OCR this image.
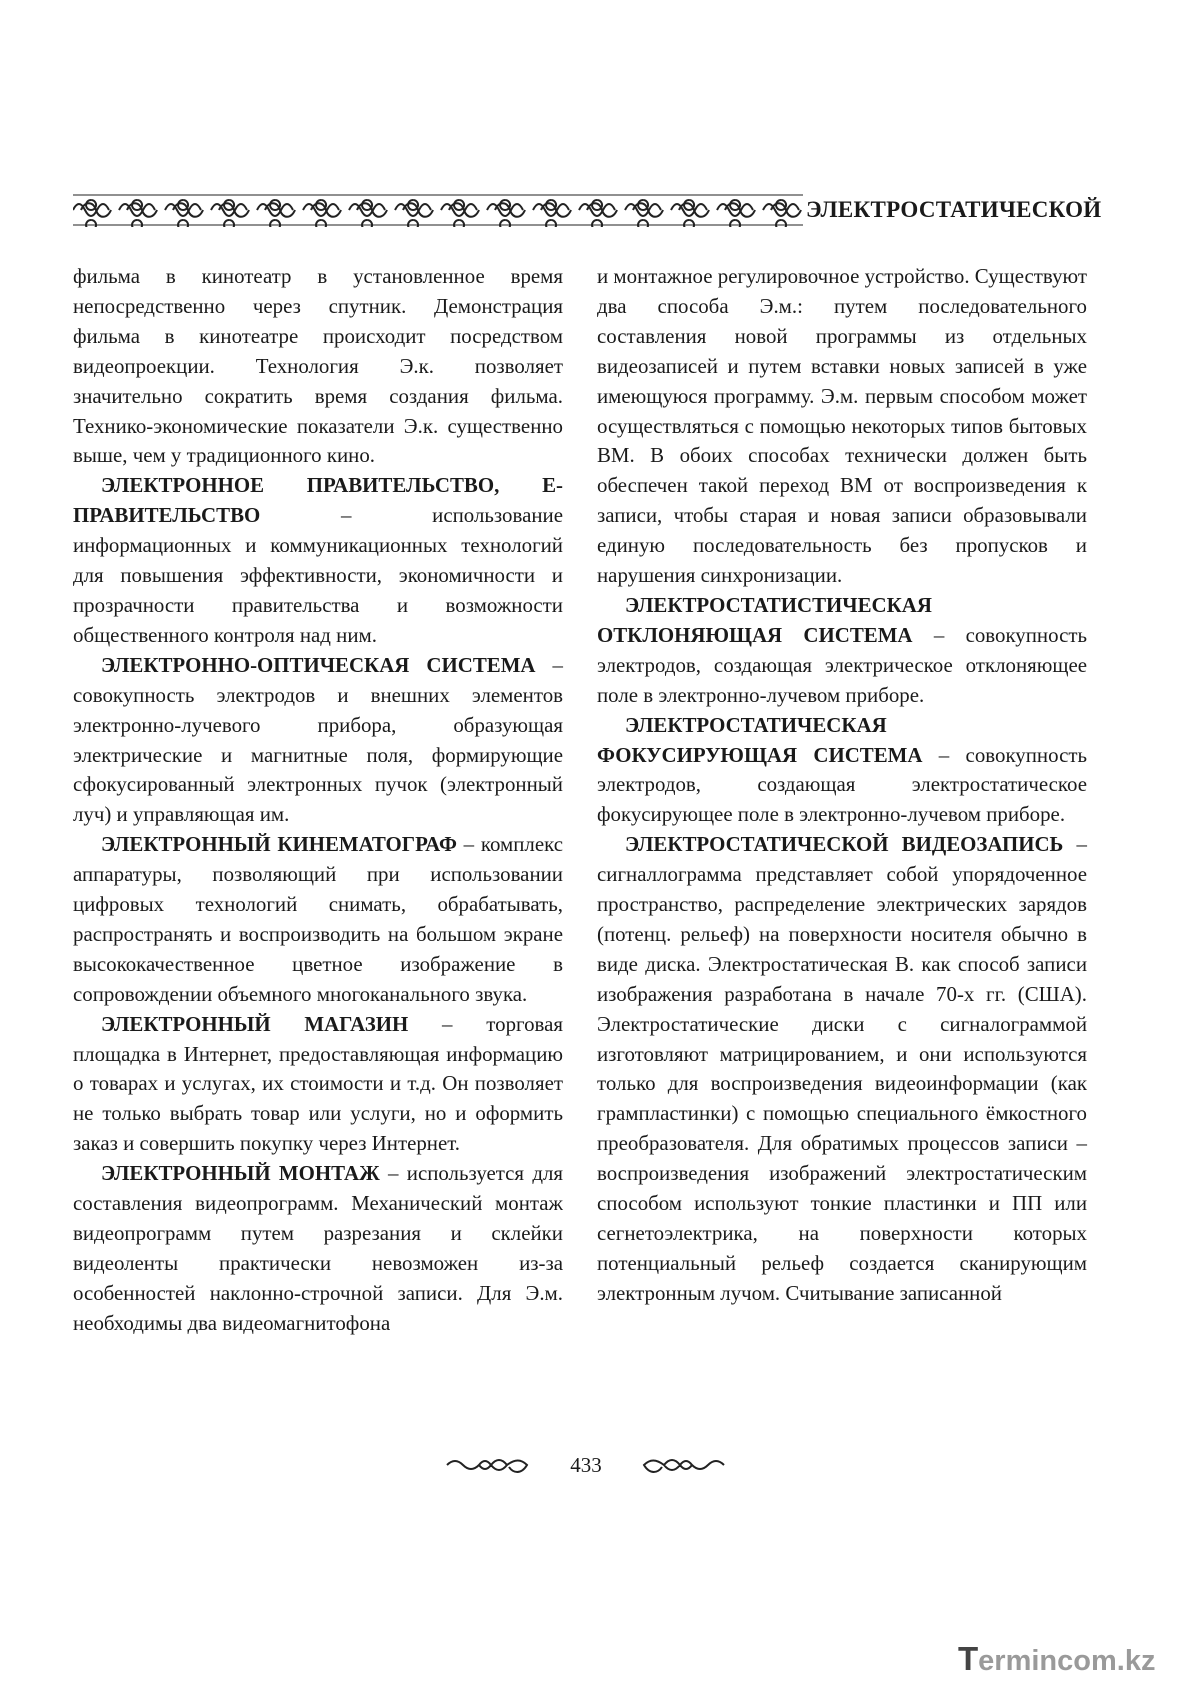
ЭЛЕКТРОСТАТИЧЕСКОЙ

фильма в кинотеатр в установленное время непосредственно через спутник. Демонстрация фильма в кинотеатре происходит посредством видеопроекции. Технология Э.к. позволяет значительно сократить время создания фильма. Технико-экономические показатели Э.к. существенно выше, чем у традиционного кино.

ЭЛЕКТРОННОЕ ПРАВИТЕЛЬСТВО, Е-ПРАВИТЕЛЬСТВО – использование информационных и коммуникационных технологий для повышения эффективности, экономичности и прозрачности правительства и возможности общественного контроля над ним.

ЭЛЕКТРОННО-ОПТИЧЕСКАЯ СИСТЕМА – совокупность электродов и внешних элементов электронно-лучевого прибора, образующая электрические и магнитные поля, формирующие сфокусированный электронных пучок (электронный луч) и управляющая им.

ЭЛЕКТРОННЫЙ КИНЕМАТОГРАФ – комплекс аппаратуры, позволяющий при использовании цифровых технологий снимать, обрабатывать, распространять и воспроизводить на большом экране высококачественное цветное изображение в сопровождении объемного многоканального звука.

ЭЛЕКТРОННЫЙ МАГАЗИН – торговая площадка в Интернет, предоставляющая информацию о товарах и услугах, их стоимости и т.д. Он позволяет не только выбрать товар или услуги, но и оформить заказ и совершить покупку через Интернет.

ЭЛЕКТРОННЫЙ МОНТАЖ – используется для составления видеопрограмм. Механический монтаж видеопрограмм путем разрезания и склейки видеоленты практически невозможен из-за особенностей наклонно-строчной записи. Для Э.м. необходимы два видеомагнитофона

и монтажное регулировочное устройство. Существуют два способа Э.м.: путем последовательного составления новой программы из отдельных видеозаписей и путем вставки новых записей в уже имеющуюся программу. Э.м. первым способом может осуществляться с помощью некоторых типов бытовых ВМ. В обоих способах технически должен быть обеспечен такой переход ВМ от воспроизведения к записи, чтобы старая и новая записи образовывали единую последовательность без пропусков и нарушения синхронизации.

ЭЛЕКТРОСТАТИСТИЧЕСКАЯ ОТКЛОНЯЮЩАЯ СИСТЕМА – совокупность электродов, создающая электрическое отклоняющее поле в электронно-лучевом приборе.

ЭЛЕКТРОСТАТИЧЕСКАЯ ФОКУСИРУЮЩАЯ СИСТЕМА – совокупность электродов, создающая электростатическое фокусирующее поле в электронно-лучевом приборе.

ЭЛЕКТРОСТАТИЧЕСКОЙ ВИДЕОЗАПИСЬ – сигналлограмма представляет собой упорядоченное пространство, распределение электрических зарядов (потенц. рельеф) на поверхности носителя обычно в виде диска. Электростатическая В. как способ записи изображения разработана в начале 70-х гг. (США). Электростатические диски с сигналограммой изготовляют матрицированием, и они используются только для воспроизведения видеоинформации (как грампластинки) с помощью специального ёмкостного преобразователя. Для обратимых процессов записи – воспроизведения изображений электростатическим способом используют тонкие пластинки и ПП или сегнетоэлектрика, на поверхности которых потенциальный рельеф создается сканирующим электронным лучом. Считывание записанной

433
Termincom.kz
